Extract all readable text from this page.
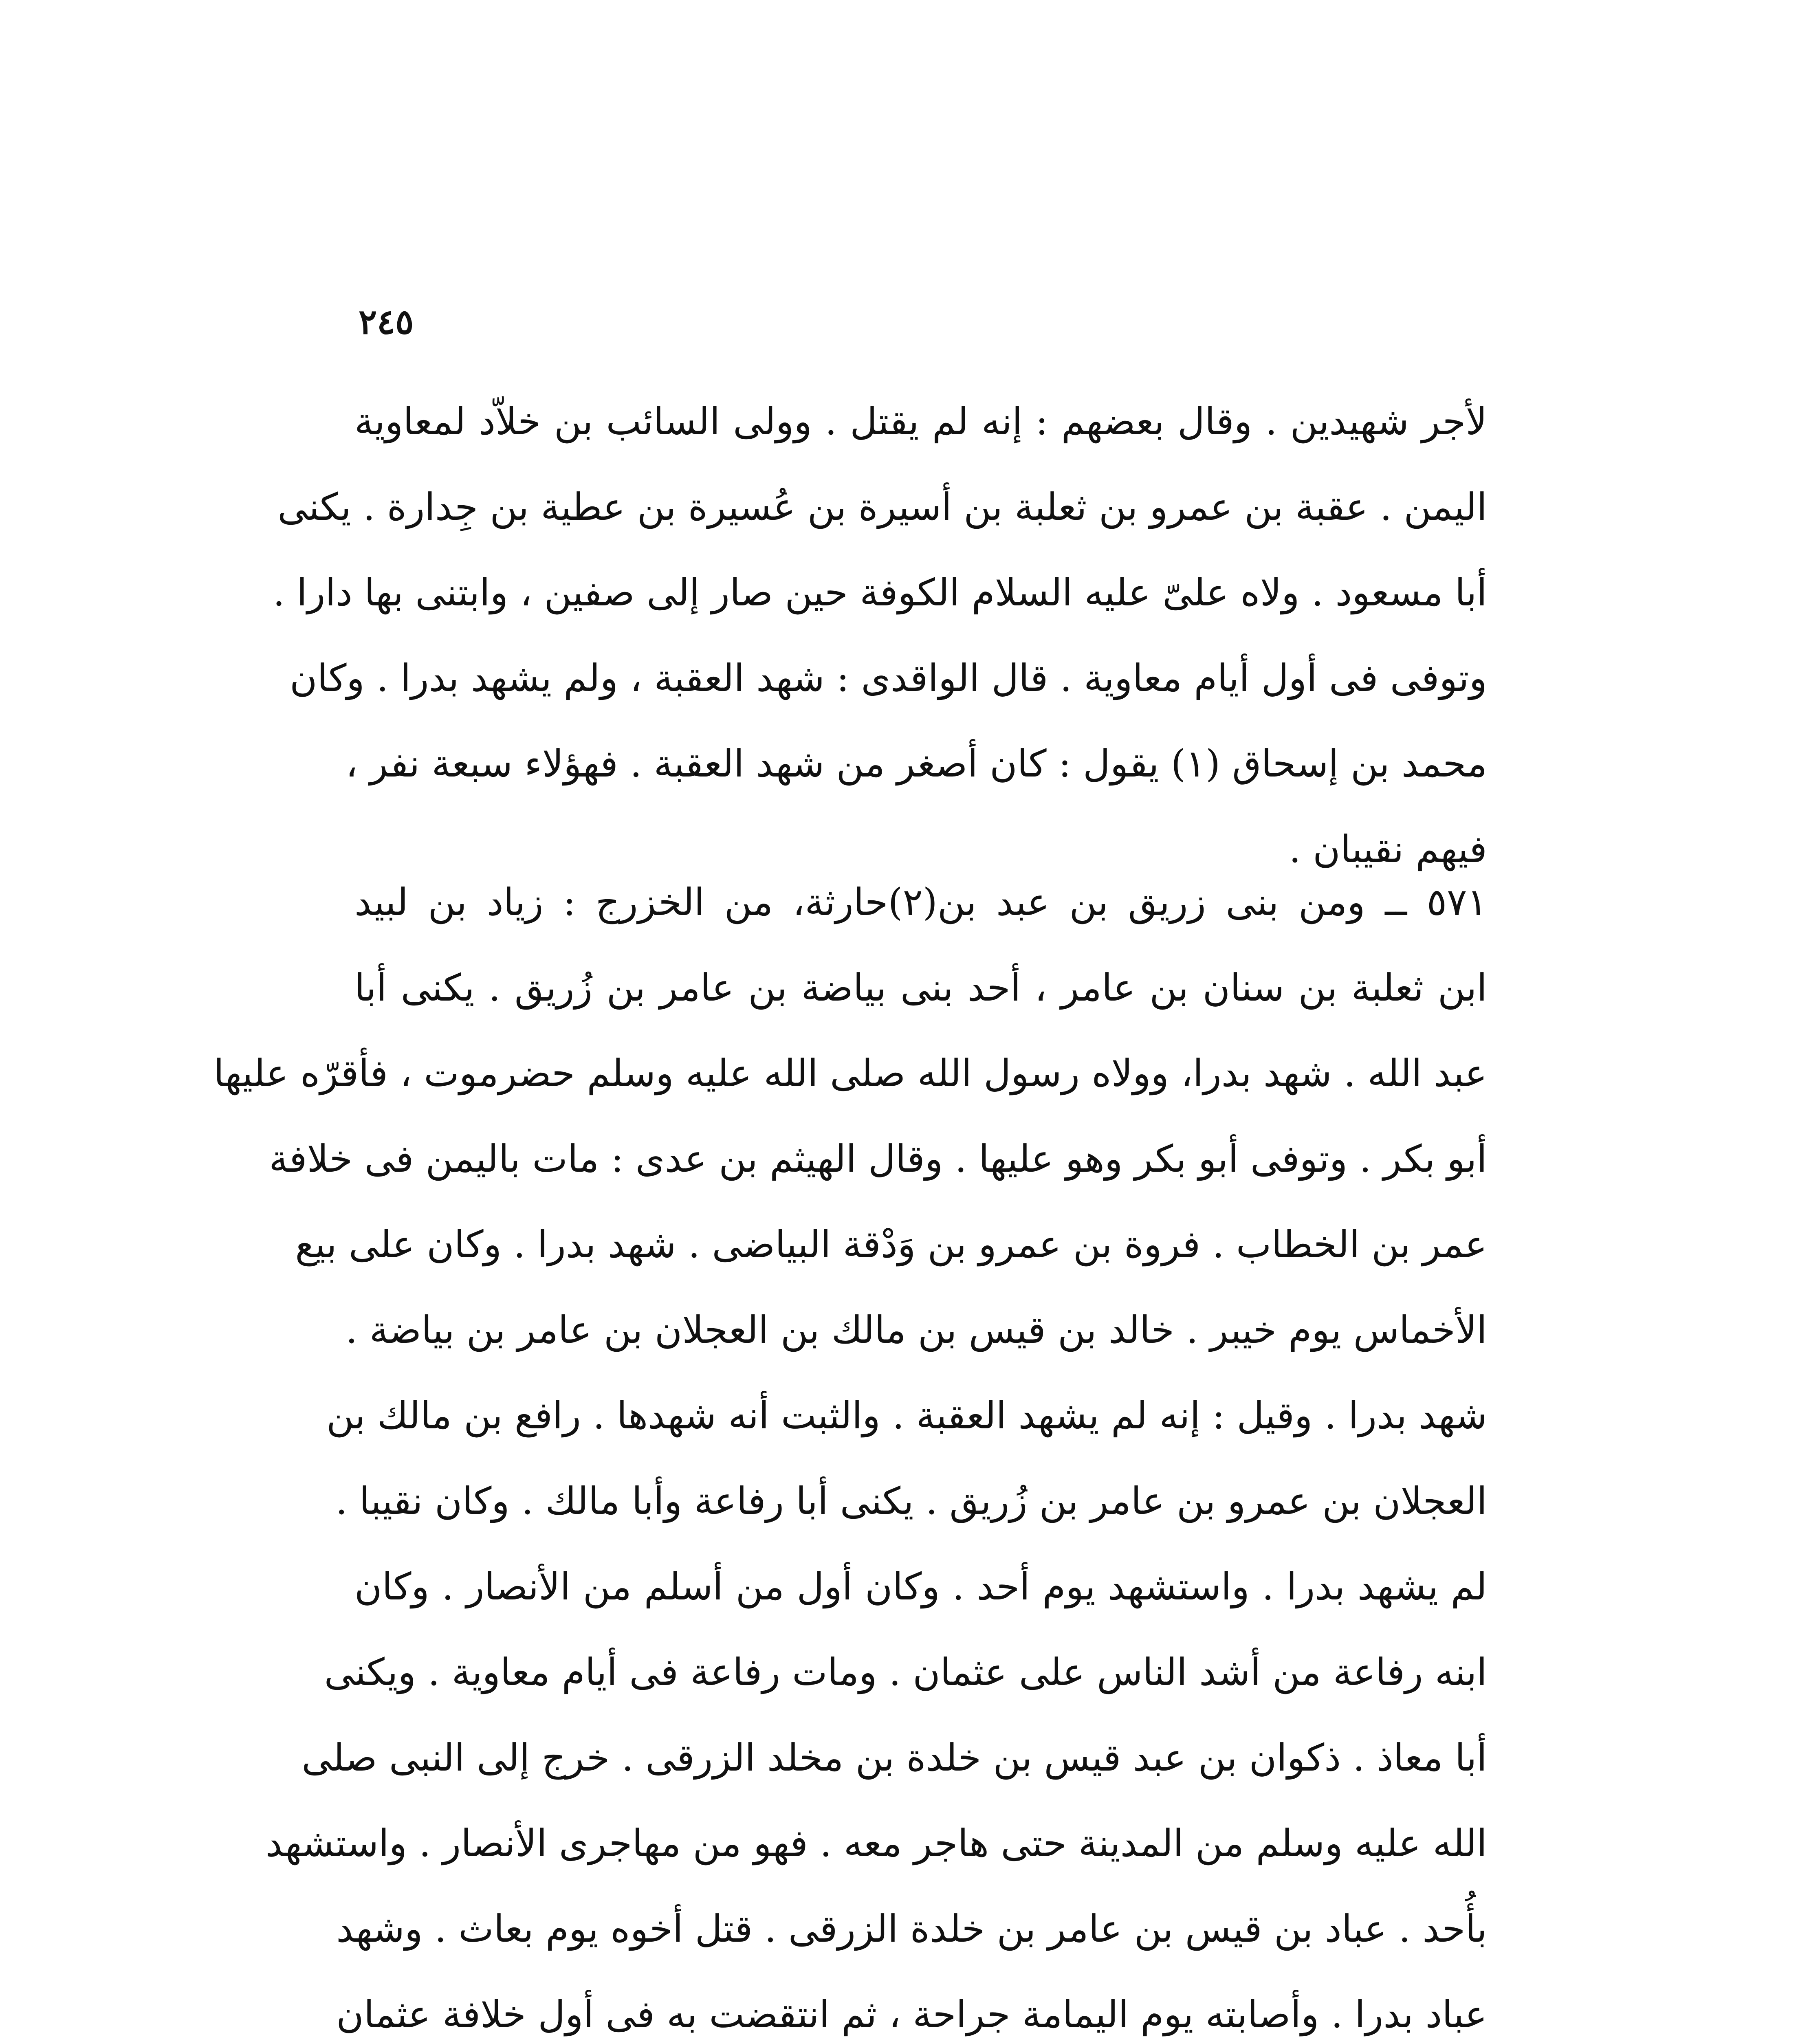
٢٤٥
لأجر شهيدين . وقال بعضهم : إنه لم يقتل . وولى السائب بن خلاّد لمعاوية
اليمن . عقبة بن عمرو بن ثعلبة بن أسيرة بن عُسيرة بن عطية بن جِدارة . يكنى
أبا مسعود . ولاه علىّ عليه السلام الكوفة حين صار إلى صفين ، وابتنى بها دارا .
وتوفى فى أول أيام معاوية . قال الواقدى : شهد العقبة ، ولم يشهد بدرا . وكان
محمد بن إسحاق (١) يقول : كان أصغر من شهد العقبة . فهؤلاء سبعة نفر ،
فيهم نقيبان .
٥٧١ ــ ومن بنى زريق بن عبد بن(٢)حارثة، من الخزرج : زياد بن لبيد
ابن ثعلبة بن سنان بن عامر ، أحد بنى بياضة بن عامر بن زُريق . يكنى أبا
عبد الله . شهد بدرا، وولاه رسول الله صلى الله عليه وسلم حضرموت ، فأقرّه عليها
أبو بكر . وتوفى أبو بكر وهو عليها . وقال الهيثم بن عدى : مات باليمن فى خلافة
عمر بن الخطاب . فروة بن عمرو بن وَدْقة البياضى . شهد بدرا . وكان على بيع
الأخماس يوم خيبر . خالد بن قيس بن مالك بن العجلان بن عامر بن بياضة .
شهد بدرا . وقيل : إنه لم يشهد العقبة . والثبت أنه شهدها . رافع بن مالك بن
العجلان بن عمرو بن عامر بن زُريق . يكنى أبا رفاعة وأبا مالك . وكان نقيبا .
لم يشهد بدرا . واستشهد يوم أحد . وكان أول من أسلم من الأنصار . وكان
ابنه رفاعة من أشد الناس على عثمان . ومات رفاعة فى أيام معاوية . ويكنى
أبا معاذ . ذكوان بن عبد قيس بن خلدة بن مخلد الزرقى . خرج إلى النبى صلى
الله عليه وسلم من المدينة حتى هاجر معه . فهو من مهاجرى الأنصار . واستشهد
بأُحد . عباد بن قيس بن عامر بن خلدة الزرقى . قتل أخوه يوم بعاث . وشهد
عباد بدرا . وأصابته يوم اليمامة جراحة ، ثم انتقضت به فى أول خلافة عثمان
